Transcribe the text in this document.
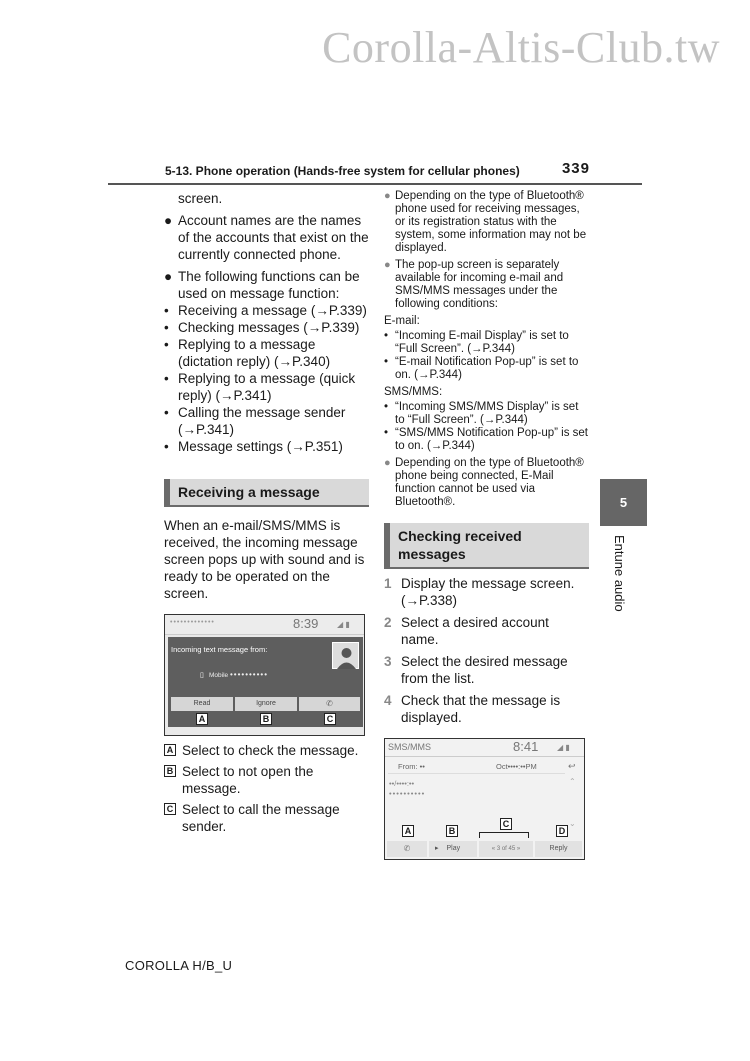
Corolla-Altis-Club.tw
5-13. Phone operation (Hands-free system for cellular phones)	339
screen.
● Account names are the names of the accounts that exist on the currently connected phone.
● The following functions can be used on message function:
• Receiving a message (→P.339)
• Checking messages (→P.339)
• Replying to a message (dictation reply) (→P.340)
• Replying to a message (quick reply) (→P.341)
• Calling the message sender (→P.341)
• Message settings (→P.351)
Receiving a message
When an e-mail/SMS/MMS is received, the incoming message screen pops up with sound and is ready to be operated on the screen.
•••••••••••••	8:39 ◢ ▮
Incoming text message from:
▯ Mobile ••••••••••
Read	Ignore	✆
A	B	C
A Select to check the message.
B Select to not open the message.
C Select to call the message sender.
● Depending on the type of Bluetooth® phone used for receiving messages, or its registration status with the system, some information may not be displayed.
● The pop-up screen is separately available for incoming e-mail and SMS/MMS messages under the following conditions:
E-mail:
• “Incoming E-mail Display” is set to “Full Screen”. (→P.344)
• “E-mail Notification Pop-up” is set to on. (→P.344)
SMS/MMS:
• “Incoming SMS/MMS Display” is set to “Full Screen”. (→P.344)
• “SMS/MMS Notification Pop-up” is set to on. (→P.344)
● Depending on the type of Bluetooth® phone being connected, E-Mail function cannot be used via Bluetooth®.
Checking received messages
1 Display the message screen. (→P.338)
2 Select a desired account name.
3 Select the desired message from the list.
4 Check that the message is displayed.
SMS/MMS	8:41 ◢ ▮
From: ••	Oct••••:••PM	↩
••/••••:••
••••••••••
⌃
⌄
A	B
C
D
✆	▸ Play	« 3 of 45 »	Reply
5
Entune audio
COROLLA H/B_U
